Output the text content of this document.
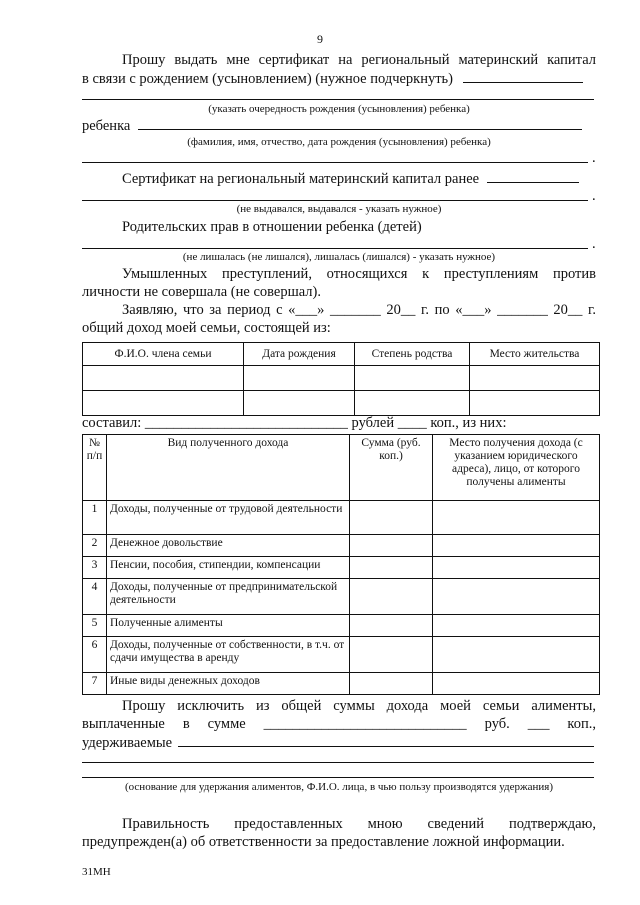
9
Прошу выдать мне сертификат на региональный материнский капитал
в связи с рождением (усыновлением) (нужное подчеркнуть)
(указать очередность рождения (усыновления) ребенка)
ребенка
(фамилия, имя, отчество, дата рождения (усыновления) ребенка)
.
Сертификат на региональный материнский капитал ранее
.
(не выдавался, выдавался - указать нужное)
Родительских прав в отношении ребенка (детей)
.
(не лишалась (не лишался), лишалась (лишался) - указать нужное)
Умышленных преступлений, относящихся к преступлениям против
личности не совершала (не совершал).
Заявляю, что за период с «___» _______ 20__ г. по «___» _______ 20__ г.
общий доход моей семьи, состоящей из:
Ф.И.О. члена семьи	Дата рождения	Степень родства	Место жительства

составил: ____________________________ рублей ____ коп., из них:
№ п/п	Вид полученного дохода	Сумма (руб. коп.)	Место получения дохода (с указанием юридического адреса), лицо, от которого получены алименты
1	Доходы, полученные от трудовой деятельности		
2	Денежное довольствие		
3	Пенсии, пособия, стипендии, компенсации		
4	Доходы, полученные от предпринимательской деятельности		
5	Полученные алименты		
6	Доходы, полученные от собственности, в т.ч. от сдачи имущества в аренду		
7	Иные виды денежных доходов		
Прошу исключить из общей суммы дохода моей семьи алименты,
выплаченные в сумме ____________________________ руб. ___ коп.,
удерживаемые
(основание для удержания алиментов, Ф.И.О. лица, в чью пользу производятся удержания)
Правильность предоставленных мною сведений подтверждаю,
предупрежден(а) об ответственности за предоставление ложной информации.
31МН
